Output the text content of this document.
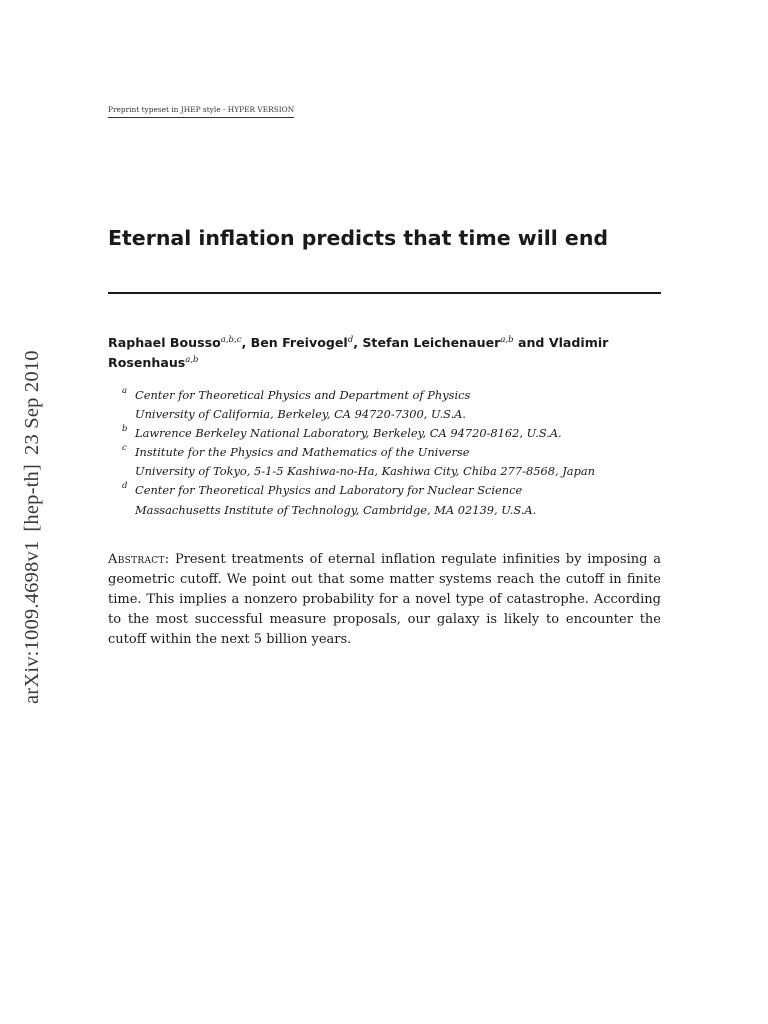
arXiv:1009.4698v1[hep-th]23 Sep 2010
Preprint typeset in JHEP style - HYPER VERSION
Eternal inflation predicts that time will end
Raphael Bousso$^{a,b,c}$, Ben Freivogel$^d$, Stefan Leichenauer$^{a,b}$ and Vladimir Rosenhaus$^{a,b}$
a Center for Theoretical Physics and Department of Physics
University of California, Berkeley, CA 94720-7300, U.S.A.
b Lawrence Berkeley National Laboratory, Berkeley, CA 94720-8162, U.S.A.
c Institute for the Physics and Mathematics of the Universe
University of Tokyo, 5-1-5 Kashiwa-no-Ha, Kashiwa City, Chiba 277-8568, Japan
d Center for Theoretical Physics and Laboratory for Nuclear Science
Massachusetts Institute of Technology, Cambridge, MA 02139, U.S.A.

Abstract: Present treatments of eternal inflation regulate infinities by imposing a geometric cutoff. We point out that some matter systems reach the cutoff in finite time. This implies a nonzero probability for a novel type of catastrophe. According to the most successful measure proposals, our galaxy is likely to encounter the cutoff within the next 5 billion years.
